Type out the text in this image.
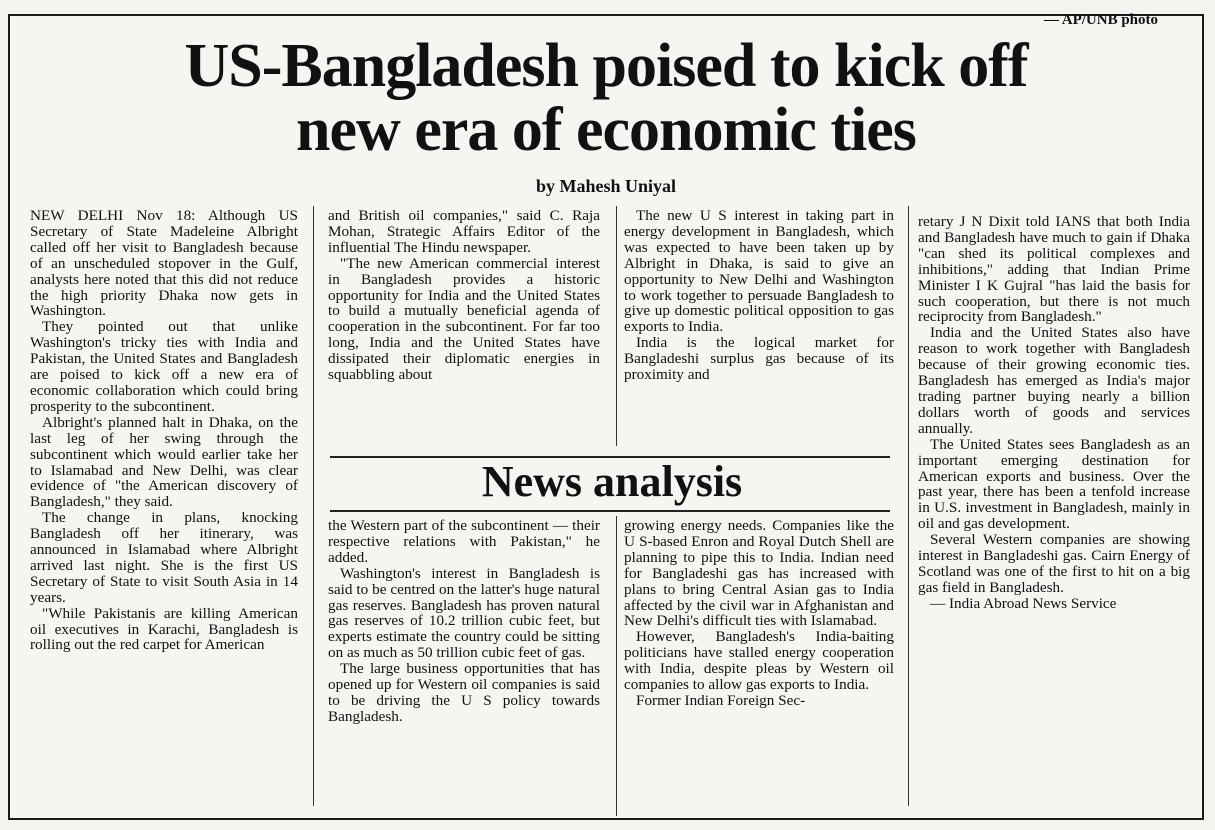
— AP/UNB photo
US-Bangladesh poised to kick off
new era of economic ties
by Mahesh Uniyal

NEW DELHI Nov 18: Although US Secretary of State Madeleine Albright called off her visit to Bangladesh because of an unscheduled stopover in the Gulf, analysts here noted that this did not reduce the high priority Dhaka now gets in Washington.

They pointed out that unlike Washington's tricky ties with India and Pakistan, the United States and Bangladesh are poised to kick off a new era of economic collaboration which could bring prosperity to the subcontinent.

Albright's planned halt in Dhaka, on the last leg of her swing through the subcontinent which would earlier take her to Islamabad and New Delhi, was clear evidence of "the American discovery of Bangladesh," they said.

The change in plans, knocking Bangladesh off her itinerary, was announced in Islamabad where Albright arrived last night. She is the first US Secretary of State to visit South Asia in 14 years.

"While Pakistanis are killing American oil executives in Karachi, Bangladesh is rolling out the red carpet for American

and British oil companies," said C. Raja Mohan, Strategic Affairs Editor of the influential The Hindu newspaper.

"The new American commercial interest in Bangladesh provides a historic opportunity for India and the United States to build a mutually beneficial agenda of cooperation in the subcontinent. For far too long, India and the United States have dissipated their diplomatic energies in squabbling about

The new U S interest in taking part in energy development in Bangladesh, which was expected to have been taken up by Albright in Dhaka, is said to give an opportunity to New Delhi and Washington to work together to persuade Bangladesh to give up domestic political opposition to gas exports to India.

India is the logical market for Bangladeshi surplus gas because of its proximity and

News analysis

the Western part of the subcontinent — their respective relations with Pakistan," he added.

Washington's interest in Bangladesh is said to be centred on the latter's huge natural gas reserves. Bangladesh has proven natural gas reserves of 10.2 trillion cubic feet, but experts estimate the country could be sitting on as much as 50 trillion cubic feet of gas.

The large business opportunities that has opened up for Western oil companies is said to be driving the U S policy towards Bangladesh.

growing energy needs. Companies like the U S-based Enron and Royal Dutch Shell are planning to pipe this to India. Indian need for Bangladeshi gas has increased with plans to bring Central Asian gas to India affected by the civil war in Afghanistan and New Delhi's difficult ties with Islamabad.

However, Bangladesh's India-baiting politicians have stalled energy cooperation with India, despite pleas by Western oil companies to allow gas exports to India.

Former Indian Foreign Sec-

retary J N Dixit told IANS that both India and Bangladesh have much to gain if Dhaka "can shed its political complexes and inhibitions," adding that Indian Prime Minister I K Gujral "has laid the basis for such cooperation, but there is not much reciprocity from Bangladesh."

India and the United States also have reason to work together with Bangladesh because of their growing economic ties. Bangladesh has emerged as India's major trading partner buying nearly a billion dollars worth of goods and services annually.

The United States sees Bangladesh as an important emerging destination for American exports and business. Over the past year, there has been a tenfold increase in U.S. investment in Bangladesh, mainly in oil and gas development.

Several Western companies are showing interest in Bangladeshi gas. Cairn Energy of Scotland was one of the first to hit on a big gas field in Bangladesh.

— India Abroad News Service
